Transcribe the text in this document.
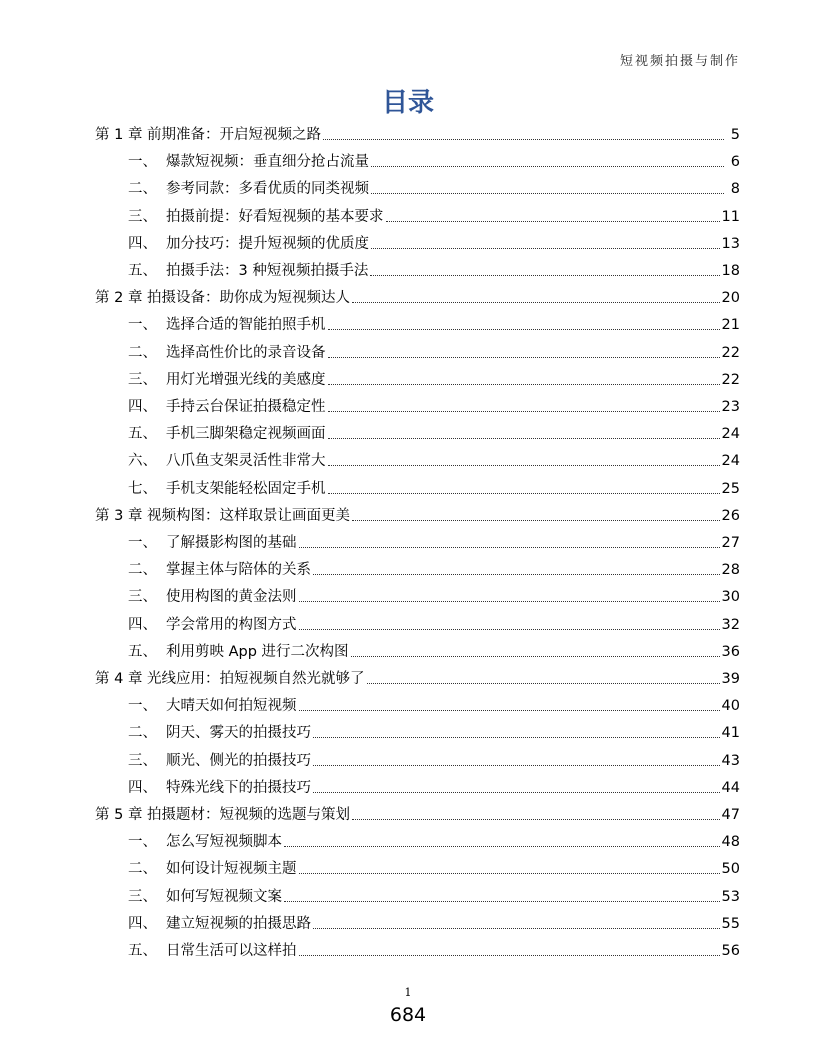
短视频拍摄与制作
目录
第 1 章 前期准备：开启短视频之路	5
一、 爆款短视频：垂直细分抢占流量	6
二、 参考同款：多看优质的同类视频	8
三、 拍摄前提：好看短视频的基本要求	11
四、 加分技巧：提升短视频的优质度	13
五、 拍摄手法：3 种短视频拍摄手法	18
第 2 章 拍摄设备：助你成为短视频达人	20
一、 选择合适的智能拍照手机	21
二、 选择高性价比的录音设备	22
三、 用灯光增强光线的美感度	22
四、 手持云台保证拍摄稳定性	23
五、 手机三脚架稳定视频画面	24
六、 八爪鱼支架灵活性非常大	24
七、 手机支架能轻松固定手机	25
第 3 章 视频构图：这样取景让画面更美	26
一、 了解摄影构图的基础	27
二、 掌握主体与陪体的关系	28
三、 使用构图的黄金法则	30
四、 学会常用的构图方式	32
五、 利用剪映 App 进行二次构图	36
第 4 章 光线应用：拍短视频自然光就够了	39
一、 大晴天如何拍短视频	40
二、 阴天、雾天的拍摄技巧	41
三、 顺光、侧光的拍摄技巧	43
四、 特殊光线下的拍摄技巧	44
第 5 章 拍摄题材：短视频的选题与策划	47
一、 怎么写短视频脚本	48
二、 如何设计短视频主题	50
三、 如何写短视频文案	53
四、 建立短视频的拍摄思路	55
五、 日常生活可以这样拍	56
1
684
